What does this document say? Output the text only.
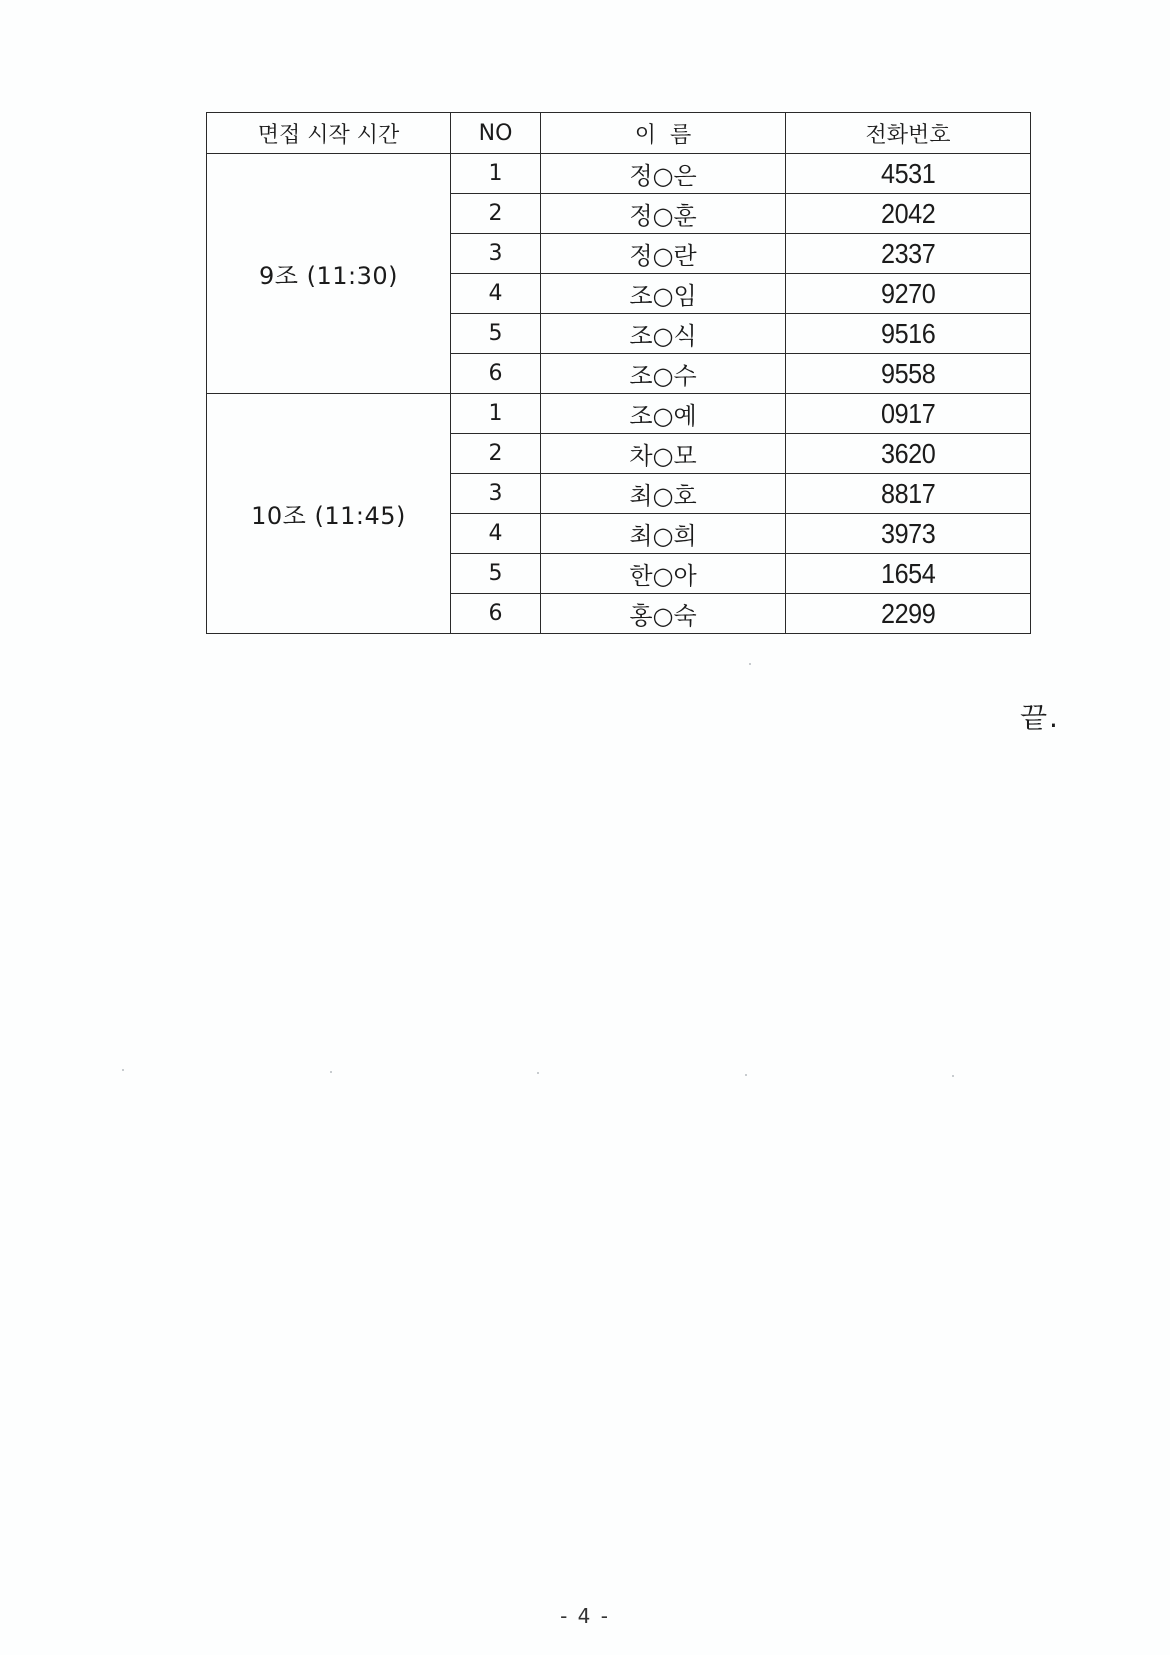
면접 시작 시간	NO	이  름	전화번호
9조 (11:30)	1	정○은	4531
	2	정○훈	2042
	3	정○란	2337
	4	조○임	9270
	5	조○식	9516
	6	조○수	9558
10조 (11:45)	1	조○예	0917
	2	차○모	3620
	3	최○호	8817
	4	최○희	3973
	5	한○아	1654
	6	홍○숙	2299
끝.
- 4 -
